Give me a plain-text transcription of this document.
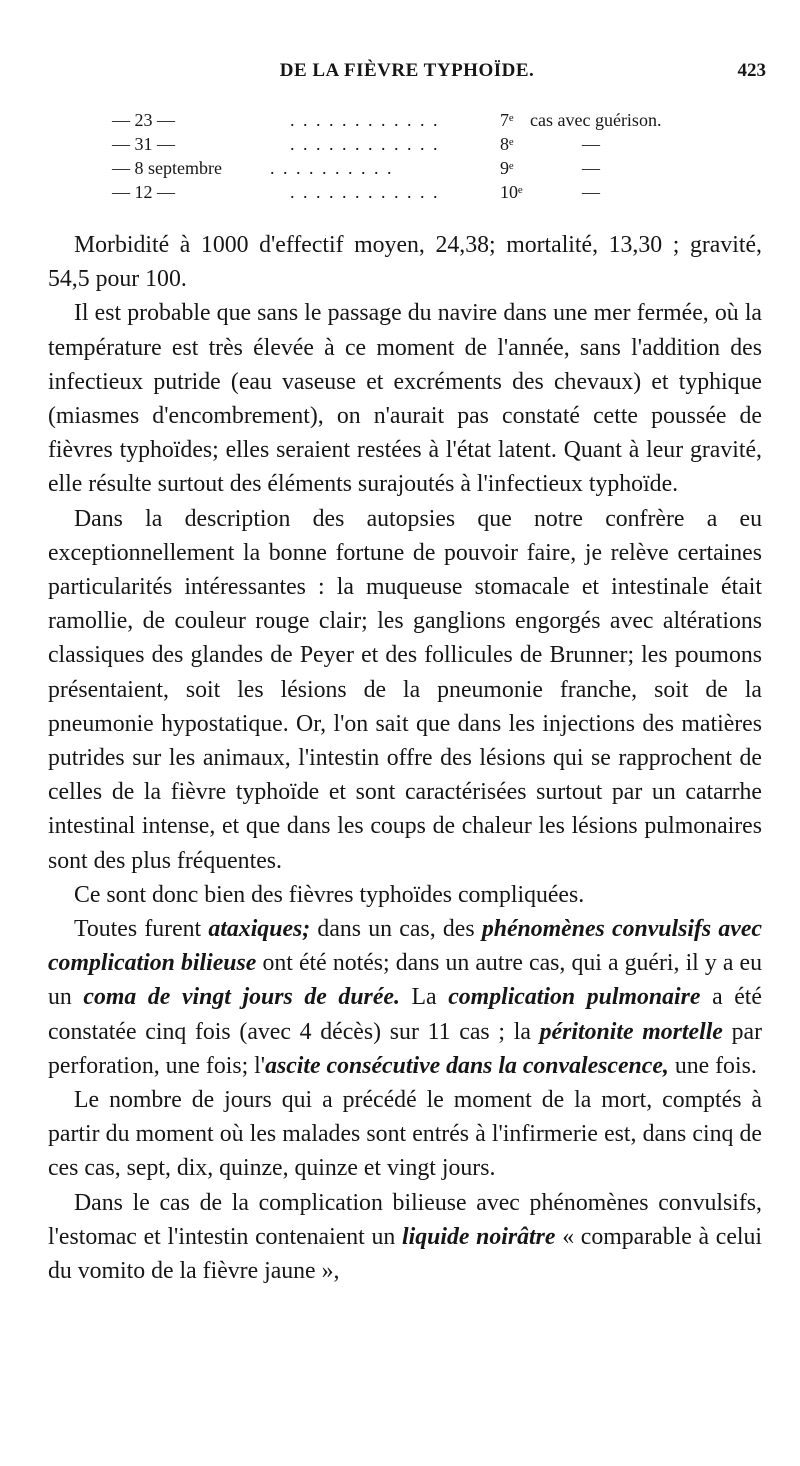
DE LA FIÈVRE TYPHOÏDE.	423
— 23 —	. . . . . . . . . . . .	7ᵉ cas avec guérison.
— 31 —	. . . . . . . . . . . .	8ᵉ	—
— 8 septembre	. . . . . . . . . .	9ᵉ	—
— 12 —	. . . . . . . . . . . .	10ᵉ	—

Morbidité à 1000 d'effectif moyen, 24,38; mortalité, 13,30 ; gravité, 54,5 pour 100.

Il est probable que sans le passage du navire dans une mer fermée, où la température est très élevée à ce moment de l'année, sans l'addition des infectieux putride (eau vaseuse et excréments des chevaux) et typhique (miasmes d'encombrement), on n'aurait pas constaté cette poussée de fièvres typhoïdes; elles seraient restées à l'état latent. Quant à leur gravité, elle résulte surtout des éléments surajoutés à l'infectieux typhoïde.

Dans la description des autopsies que notre confrère a eu exceptionnellement la bonne fortune de pouvoir faire, je relève certaines particularités intéressantes : la muqueuse stomacale et intestinale était ramollie, de couleur rouge clair; les ganglions engorgés avec altérations classiques des glandes de Peyer et des follicules de Brunner; les poumons présentaient, soit les lésions de la pneumonie franche, soit de la pneumonie hypostatique. Or, l'on sait que dans les injections des matières putrides sur les animaux, l'intestin offre des lésions qui se rapprochent de celles de la fièvre typhoïde et sont caractérisées surtout par un catarrhe intestinal intense, et que dans les coups de chaleur les lésions pulmonaires sont des plus fréquentes.

Ce sont donc bien des fièvres typhoïdes compliquées.

Toutes furent ataxiques; dans un cas, des phénomènes convulsifs avec complication bilieuse ont été notés; dans un autre cas, qui a guéri, il y a eu un coma de vingt jours de durée. La complication pulmonaire a été constatée cinq fois (avec 4 décès) sur 11 cas ; la péritonite mortelle par perforation, une fois; l'ascite consécutive dans la convalescence, une fois.

Le nombre de jours qui a précédé le moment de la mort, comptés à partir du moment où les malades sont entrés à l'infirmerie est, dans cinq de ces cas, sept, dix, quinze, quinze et vingt jours.

Dans le cas de la complication bilieuse avec phénomènes convulsifs, l'estomac et l'intestin contenaient un liquide noirâtre « comparable à celui du vomito de la fièvre jaune »,
